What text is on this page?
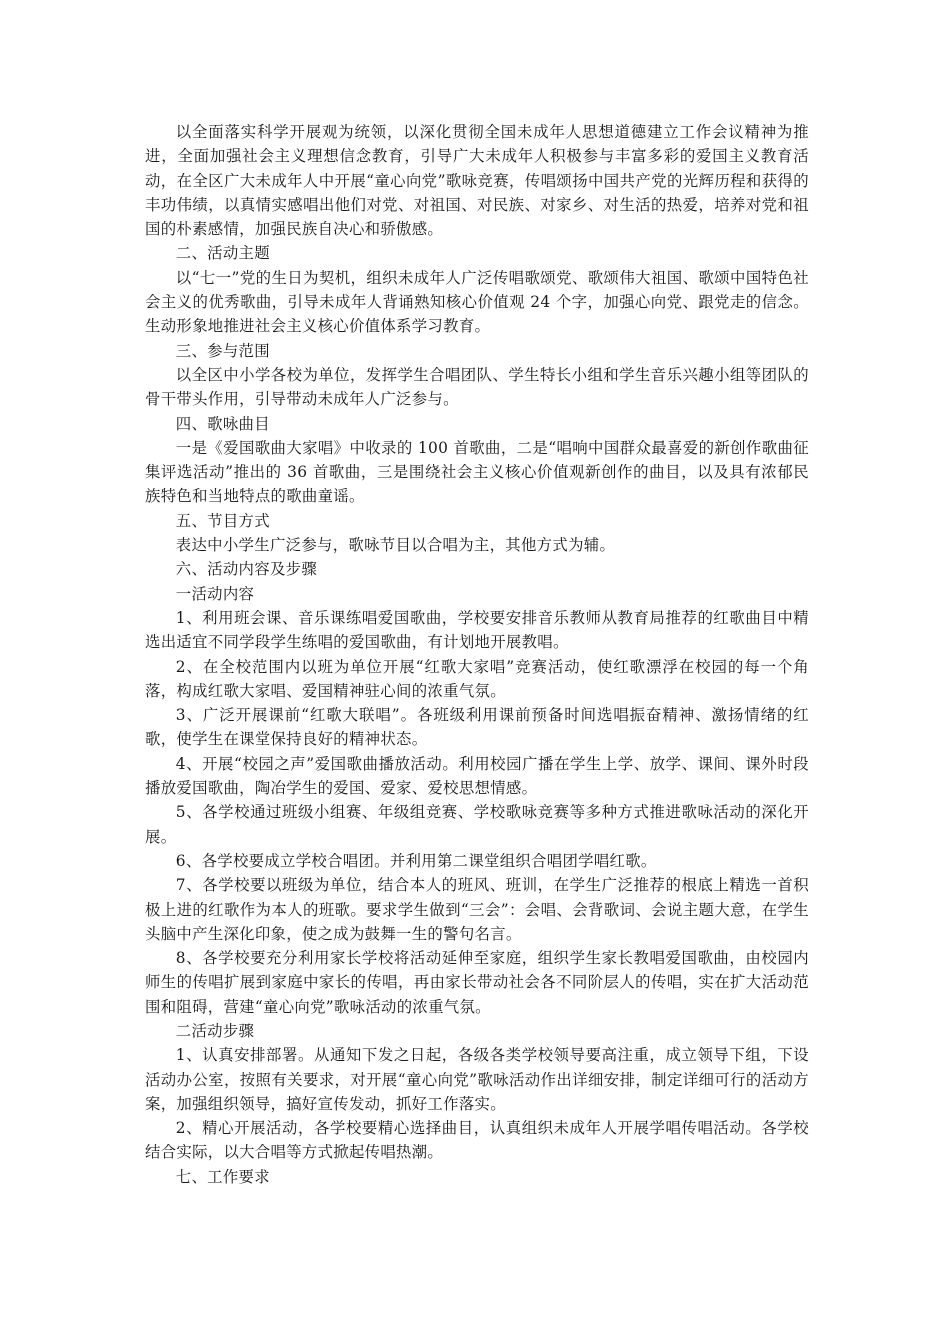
以全面落实科学开展观为统领，以深化贯彻全国未成年人思想道德建立工作会议精神为推进，全面加强社会主义理想信念教育，引导广大未成年人积极参与丰富多彩的爱国主义教育活动，在全区广大未成年人中开展“童心向党”歌咏竞赛，传唱颂扬中国共产党的光辉历程和获得的丰功伟绩，以真情实感唱出他们对党、对祖国、对民族、对家乡、对生活的热爱，培养对党和祖国的朴素感情，加强民族自决心和骄傲感。

二、活动主题

以“七一”党的生日为契机，组织未成年人广泛传唱歌颂党、歌颂伟大祖国、歌颂中国特色社会主义的优秀歌曲，引导未成年人背诵熟知核心价值观 24 个字，加强心向党、跟党走的信念。生动形象地推进社会主义核心价值体系学习教育。

三、参与范围

以全区中小学各校为单位，发挥学生合唱团队、学生特长小组和学生音乐兴趣小组等团队的骨干带头作用，引导带动未成年人广泛参与。

四、歌咏曲目

一是《爱国歌曲大家唱》中收录的 100 首歌曲，二是“唱响中国群众最喜爱的新创作歌曲征集评选活动”推出的 36 首歌曲，三是围绕社会主义核心价值观新创作的曲目，以及具有浓郁民族特色和当地特点的歌曲童谣。

五、节目方式

表达中小学生广泛参与，歌咏节目以合唱为主，其他方式为辅。

六、活动内容及步骤

一活动内容

1、利用班会课、音乐课练唱爱国歌曲，学校要安排音乐教师从教育局推荐的红歌曲目中精选出适宜不同学段学生练唱的爱国歌曲，有计划地开展教唱。

2、在全校范围内以班为单位开展“红歌大家唱”竞赛活动，使红歌漂浮在校园的每一个角落，构成红歌大家唱、爱国精神驻心间的浓重气氛。

3、广泛开展课前“红歌大联唱”。各班级利用课前预备时间选唱振奋精神、激扬情绪的红歌，使学生在课堂保持良好的精神状态。

4、开展“校园之声”爱国歌曲播放活动。利用校园广播在学生上学、放学、课间、课外时段播放爱国歌曲，陶冶学生的爱国、爱家、爱校思想情感。

5、各学校通过班级小组赛、年级组竞赛、学校歌咏竞赛等多种方式推进歌咏活动的深化开展。

6、各学校要成立学校合唱团。并利用第二课堂组织合唱团学唱红歌。

7、各学校要以班级为单位，结合本人的班风、班训，在学生广泛推荐的根底上精选一首积极上进的红歌作为本人的班歌。要求学生做到“三会”：会唱、会背歌词、会说主题大意，在学生头脑中产生深化印象，使之成为鼓舞一生的警句名言。

8、各学校要充分利用家长学校将活动延伸至家庭，组织学生家长教唱爱国歌曲，由校园内师生的传唱扩展到家庭中家长的传唱，再由家长带动社会各不同阶层人的传唱，实在扩大活动范围和阻碍，营建“童心向党”歌咏活动的浓重气氛。

二活动步骤

1、认真安排部署。从通知下发之日起，各级各类学校领导要高注重，成立领导下组，下设活动办公室，按照有关要求，对开展“童心向党”歌咏活动作出详细安排，制定详细可行的活动方案，加强组织领导，搞好宣传发动，抓好工作落实。

2、精心开展活动，各学校要精心选择曲目，认真组织未成年人开展学唱传唱活动。各学校结合实际，以大合唱等方式掀起传唱热潮。

七、工作要求
